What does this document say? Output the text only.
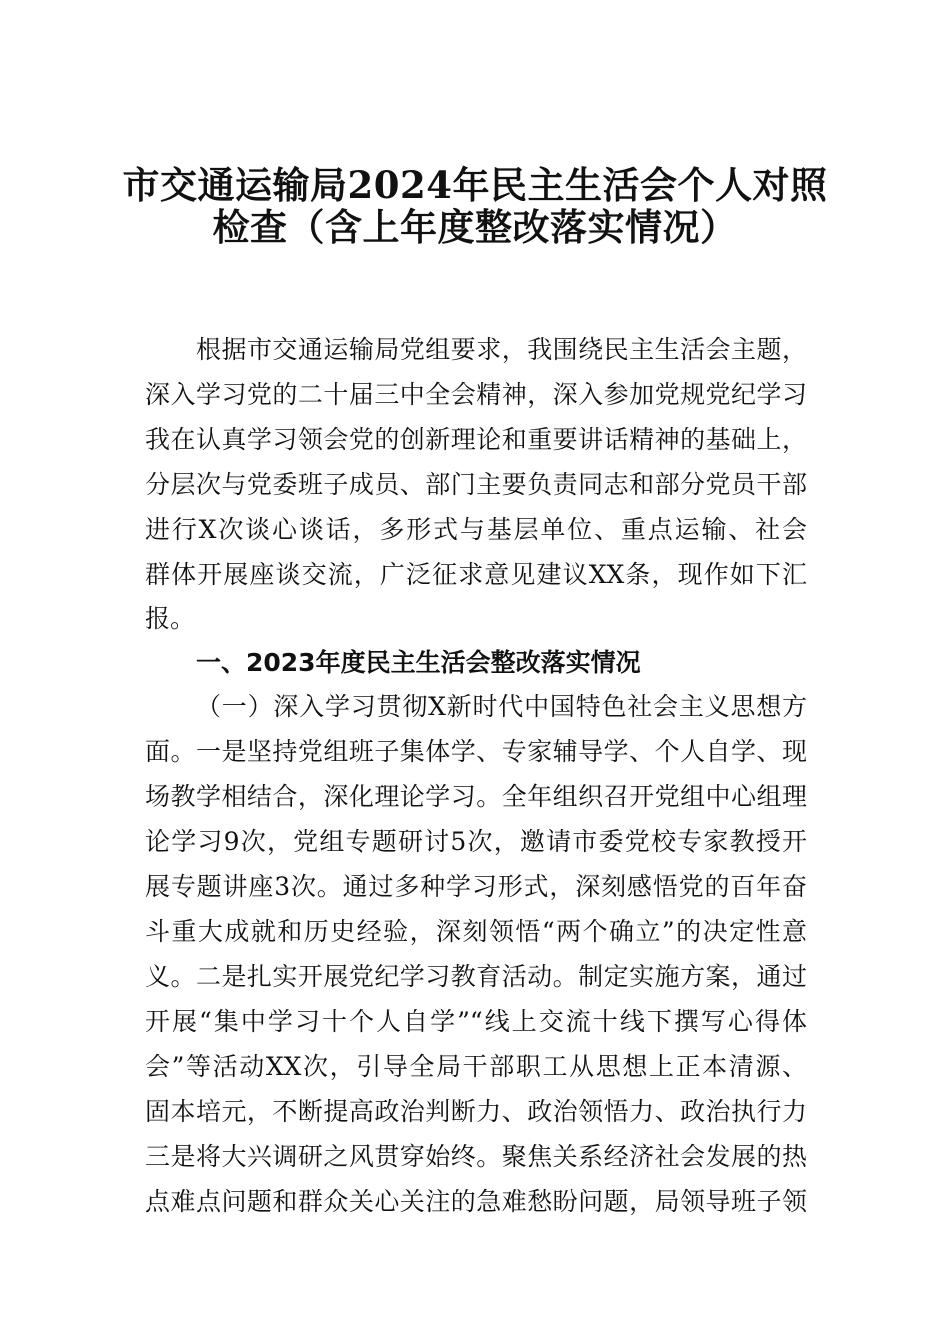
市交通运输局2024年民主生活会个人对照
检查（含上年度整改落实情况）
根据市交通运输局党组要求，我围绕民主生活会主题，
深入学习党的二十届三中全会精神，深入参加党规党纪学习
我在认真学习领会党的创新理论和重要讲话精神的基础上，
分层次与党委班子成员、部门主要负责同志和部分党员干部
进行X次谈心谈话，多形式与基层单位、重点运输、社会
群体开展座谈交流，广泛征求意见建议XX条，现作如下汇
报。
一、2023年度民主生活会整改落实情况
（一）深入学习贯彻X新时代中国特色社会主义思想方
面。一是坚持党组班子集体学、专家辅导学、个人自学、现
场教学相结合，深化理论学习。全年组织召开党组中心组理
论学习9次，党组专题研讨5次，邀请市委党校专家教授开
展专题讲座3次。通过多种学习形式，深刻感悟党的百年奋
斗重大成就和历史经验，深刻领悟“两个确立”的决定性意
义。二是扎实开展党纪学习教育活动。制定实施方案，通过
开展“集中学习十个人自学”“线上交流十线下撰写心得体
会”等活动XX次，引导全局干部职工从思想上正本清源、
固本培元，不断提高政治判断力、政治领悟力、政治执行力
三是将大兴调研之风贯穿始终。聚焦关系经济社会发展的热
点难点问题和群众关心关注的急难愁盼问题，局领导班子领
